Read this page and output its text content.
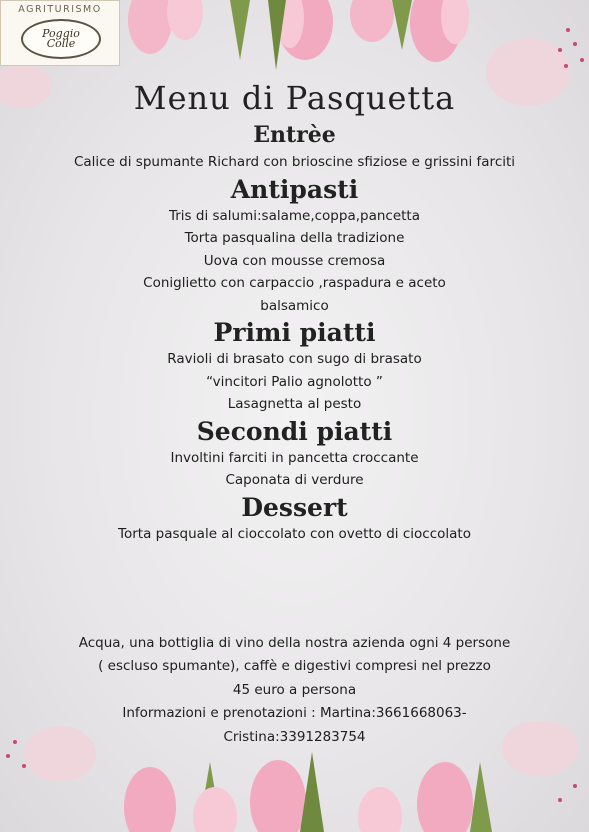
AGRITURISMO
Poggio
Colle
Menu di Pasquetta
Entrèe

Calice di spumante Richard con brioscine sfiziose e grissini farciti

Antipasti

Tris di salumi:salame,coppa,pancetta

Torta pasqualina della tradizione

Uova con mousse cremosa

Coniglietto con carpaccio ,raspadura e aceto

balsamico

Primi piatti

Ravioli di brasato con sugo di brasato

“vincitori Palio agnolotto ”

Lasagnetta al pesto

Secondi piatti

Involtini farciti in pancetta croccante

Caponata di verdure

Dessert

Torta pasquale al cioccolato con ovetto di cioccolato

Acqua, una bottiglia di vino della nostra azienda ogni 4 persone

( escluso spumante), caffè e digestivi compresi nel prezzo

45 euro a persona

Informazioni e prenotazioni : Martina:3661668063-

Cristina:3391283754
